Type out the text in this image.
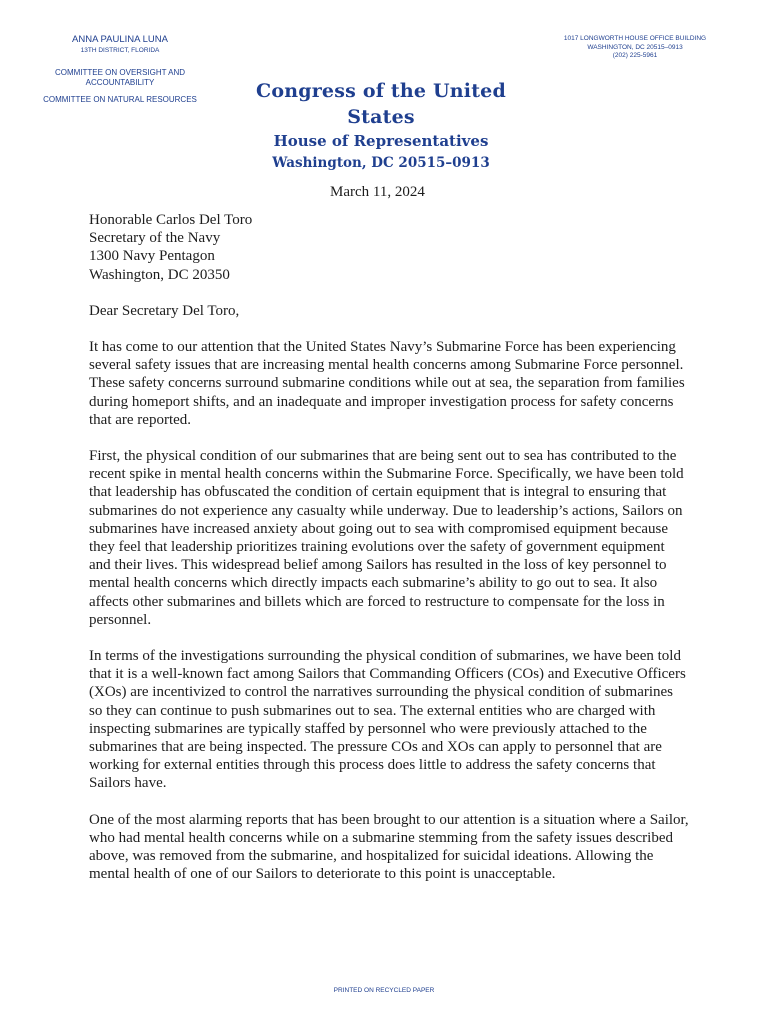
ANNA PAULINA LUNA
13TH DISTRICT, FLORIDA
COMMITTEE ON OVERSIGHT AND ACCOUNTABILITY
COMMITTEE ON NATURAL RESOURCES
1017 LONGWORTH HOUSE OFFICE BUILDING
WASHINGTON, DC 20515–0913
(202) 225-5961
Congress of the United States
House of Representatives
Washington, DC 20515–0913
March 11, 2024
Honorable Carlos Del Toro
Secretary of the Navy
1300 Navy Pentagon
Washington, DC 20350
Dear Secretary Del Toro,
It has come to our attention that the United States Navy’s Submarine Force has been experiencing several safety issues that are increasing mental health concerns among Submarine Force personnel. These safety concerns surround submarine conditions while out at sea, the separation from families during homeport shifts, and an inadequate and improper investigation process for safety concerns that are reported.
First, the physical condition of our submarines that are being sent out to sea has contributed to the recent spike in mental health concerns within the Submarine Force. Specifically, we have been told that leadership has obfuscated the condition of certain equipment that is integral to ensuring that submarines do not experience any casualty while underway. Due to leadership’s actions, Sailors on submarines have increased anxiety about going out to sea with compromised equipment because they feel that leadership prioritizes training evolutions over the safety of government equipment and their lives. This widespread belief among Sailors has resulted in the loss of key personnel to mental health concerns which directly impacts each submarine’s ability to go out to sea. It also affects other submarines and billets which are forced to restructure to compensate for the loss in personnel.
In terms of the investigations surrounding the physical condition of submarines, we have been told that it is a well-known fact among Sailors that Commanding Officers (COs) and Executive Officers (XOs) are incentivized to control the narratives surrounding the physical condition of submarines so they can continue to push submarines out to sea. The external entities who are charged with inspecting submarines are typically staffed by personnel who were previously attached to the submarines that are being inspected. The pressure COs and XOs can apply to personnel that are working for external entities through this process does little to address the safety concerns that Sailors have.
One of the most alarming reports that has been brought to our attention is a situation where a Sailor, who had mental health concerns while on a submarine stemming from the safety issues described above, was removed from the submarine, and hospitalized for suicidal ideations. Allowing the mental health of one of our Sailors to deteriorate to this point is unacceptable.
PRINTED ON RECYCLED PAPER
